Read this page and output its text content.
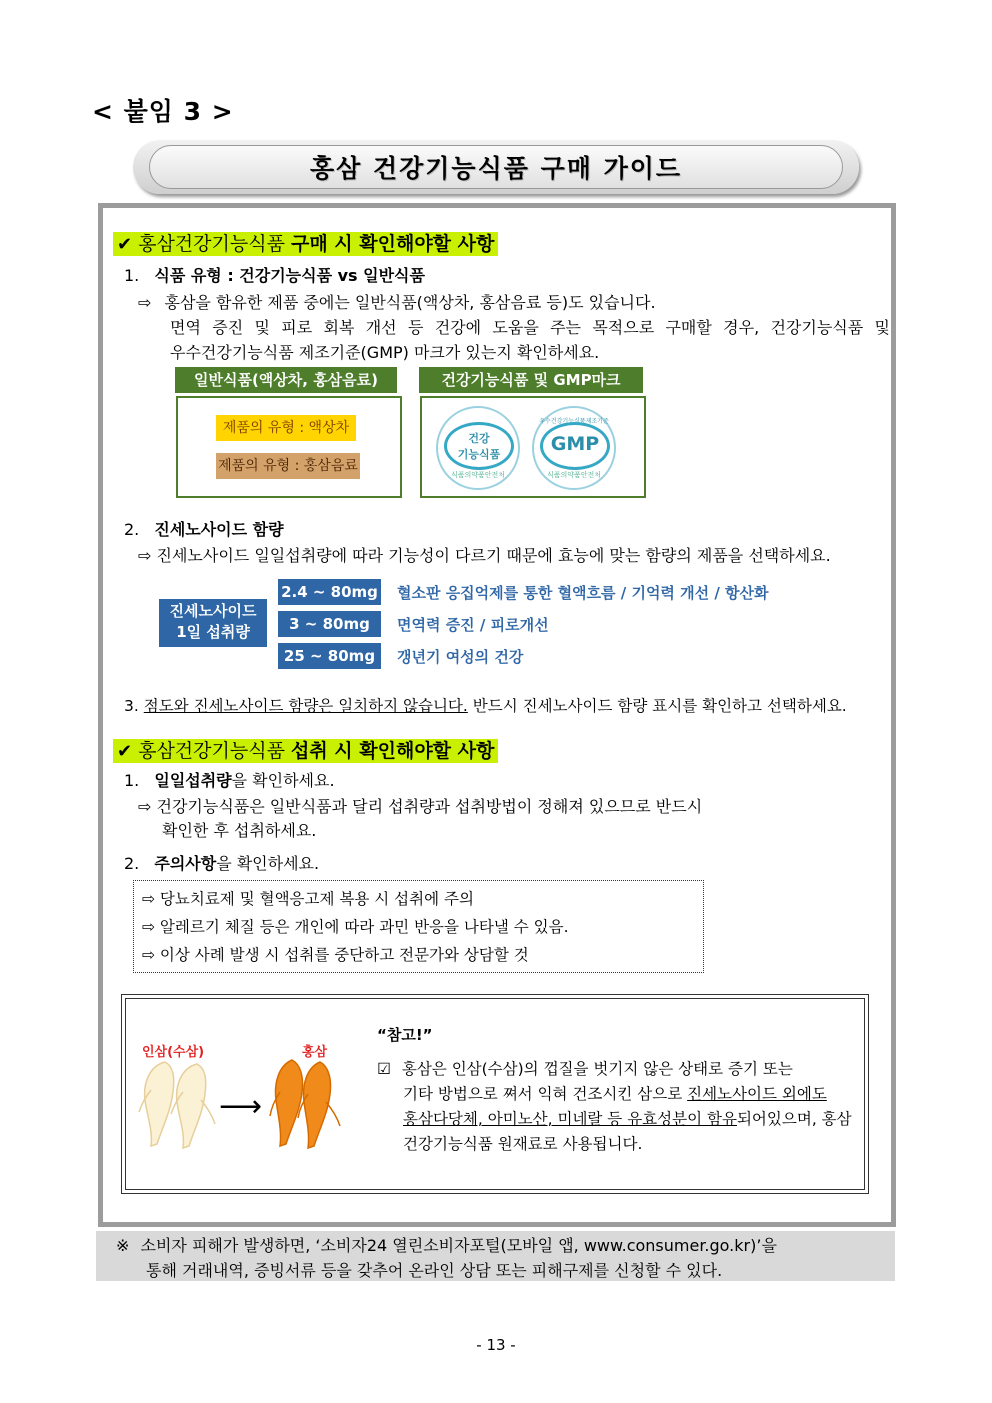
< 붙임 3 >
홍삼 건강기능식품 구매 가이드
✔ 홍삼건강기능식품 구매 시 확인해야할 사항
1. 식품 유형 : 건강기능식품 vs 일반식품
⇨ 홍삼을 함유한 제품 중에는 일반식품(액상차, 홍삼음료 등)도 있습니다.
면역 증진 및 피로 회복 개선 등 건강에 도움을 주는 목적으로 구매할 경우, 건강기능식품 및
우수건강기능식품 제조기준(GMP) 마크가 있는지 확인하세요.
일반식품(액상차, 홍삼음료)
제품의 유형 : 액상차
제품의 유형 : 홍삼음료
건강기능식품 및 GMP마크
건강
기능식품
식품의약품안전처
우수건강기능식품제조기준
GMP
식품의약품안전처
2. 진세노사이드 함량
⇨ 진세노사이드 일일섭취량에 따라 기능성이 다르기 때문에 효능에 맞는 함량의 제품을 선택하세요.
진세노사이드
1일 섭취량
2.4 ~ 80mg 혈소판 응집억제를 통한 혈액흐름 / 기억력 개선 / 항산화
3 ~ 80mg	면역력 증진 / 피로개선
25 ~ 80mg	갱년기 여성의 건강
3. 점도와 진세노사이드 함량은 일치하지 않습니다. 반드시 진세노사이드 함량 표시를 확인하고 선택하세요.
✔ 홍삼건강기능식품 섭취 시 확인해야할 사항
1. 일일섭취량을 확인하세요.
⇨ 건강기능식품은 일반식품과 달리 섭취량과 섭취방법이 정해져 있으므로 반드시
확인한 후 섭취하세요.
2. 주의사항을 확인하세요.
⇨ 당뇨치료제 및 혈액응고제 복용 시 섭취에 주의
⇨ 알레르기 체질 등은 개인에 따라 과민 반응을 나타낼 수 있음.
⇨ 이상 사례 발생 시 섭취를 중단하고 전문가와 상담할 것
인삼(수삼)	홍삼
⟶
“참고!”
☑ 홍삼은 인삼(수삼)의 껍질을 벗기지 않은 상태로 증기 또는
기타 방법으로 쪄서 익혀 건조시킨 삼으로 진세노사이드 외에도
홍삼다당체, 아미노산, 미네랄 등 유효성분이 함유되어있으며, 홍삼
건강기능식품 원재료로 사용됩니다.
※ 소비자 피해가 발생하면, ‘소비자24 열린소비자포털(모바일 앱, www.consumer.go.kr)’을
통해 거래내역, 증빙서류 등을 갖추어 온라인 상담 또는 피해구제를 신청할 수 있다.
- 13 -
